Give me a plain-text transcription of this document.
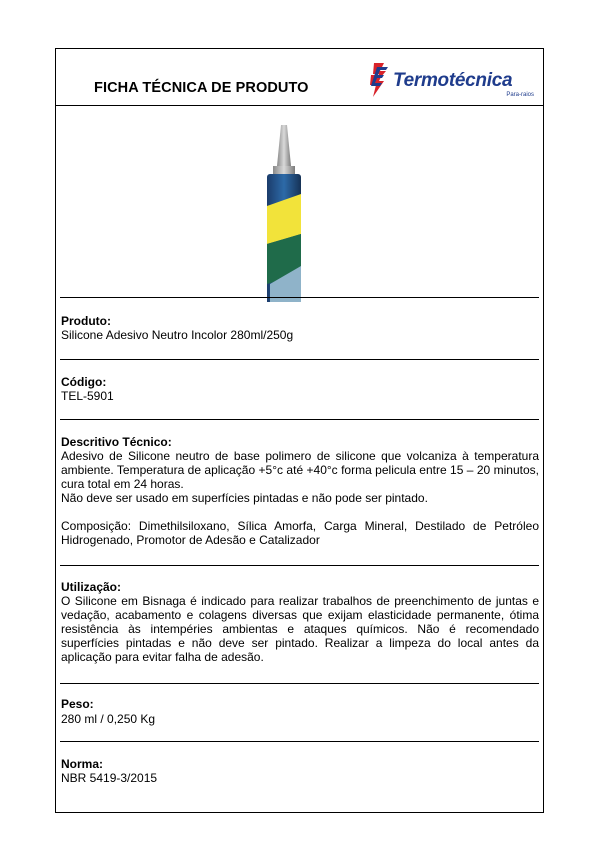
FICHA TÉCNICA DE PRODUTO	Termotécnica
Para-raios
Produto:
Silicone Adesivo Neutro Incolor 280ml/250g
Código:
TEL-5901
Descritivo Técnico:

Adesivo de Silicone neutro de base polimero de silicone que volcaniza à temperatura ambiente. Temperatura de aplicação +5°c até +40°c forma pelicula entre 15 – 20 minutos, cura total em 24 horas.

Não deve ser usado em superfícies pintadas e não pode ser pintado.

Composição: Dimethilsiloxano, Sílica Amorfa, Carga Mineral, Destilado de Petróleo Hidrogenado, Promotor de Adesão e Catalizador

Utilização:
O Silicone em Bisnaga é indicado para realizar trabalhos de preenchimento de juntas e vedação, acabamento e colagens diversas que exijam elasticidade permanente, ótima resistência às intempéries ambientas e ataques químicos. Não é recomendado superfícies pintadas e não deve ser pintado. Realizar a limpeza do local antes da aplicação para evitar falha de adesão.
Peso:
280 ml / 0,250 Kg
Norma:
NBR 5419-3/2015
